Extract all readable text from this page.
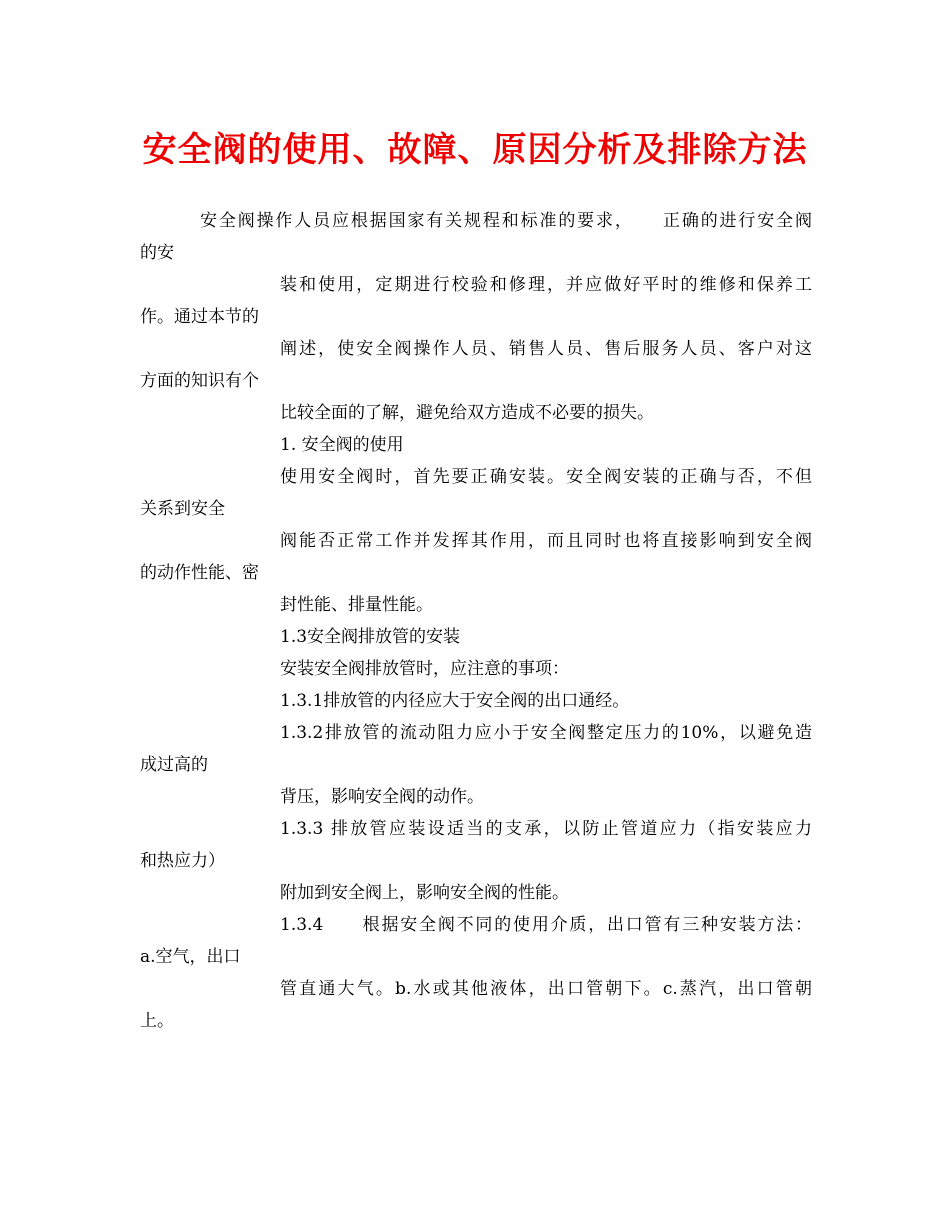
安全阀的使用、故障、原因分析及排除方法

安全阀操作人员应根据国家有关规程和标准的要求，　　正确的进行安全阀

的安

装和使用，定期进行校验和修理，并应做好平时的维修和保养工

作。通过本节的

阐述，使安全阀操作人员、销售人员、售后服务人员、客户对这

方面的知识有个

比较全面的了解，避免给双方造成不必要的损失。

1. 安全阀的使用

使用安全阀时，首先要正确安装。安全阀安装的正确与否，不但

关系到安全

阀能否正常工作并发挥其作用，而且同时也将直接影响到安全阀

的动作性能、密

封性能、排量性能。

1.3安全阀排放管的安装

安装安全阀排放管时，应注意的事项：

1.3.1排放管的内径应大于安全阀的出口通经。

1.3.2排放管的流动阻力应小于安全阀整定压力的10%，以避免造

成过高的

背压，影响安全阀的动作。

1.3.3 排放管应装设适当的支承，以防止管道应力（指安装应力

和热应力）

附加到安全阀上，影响安全阀的性能。

1.3.4　　根据安全阀不同的使用介质，出口管有三种安装方法：

a.空气，出口

管直通大气。b.水或其他液体，出口管朝下。c.蒸汽，出口管朝

上。
